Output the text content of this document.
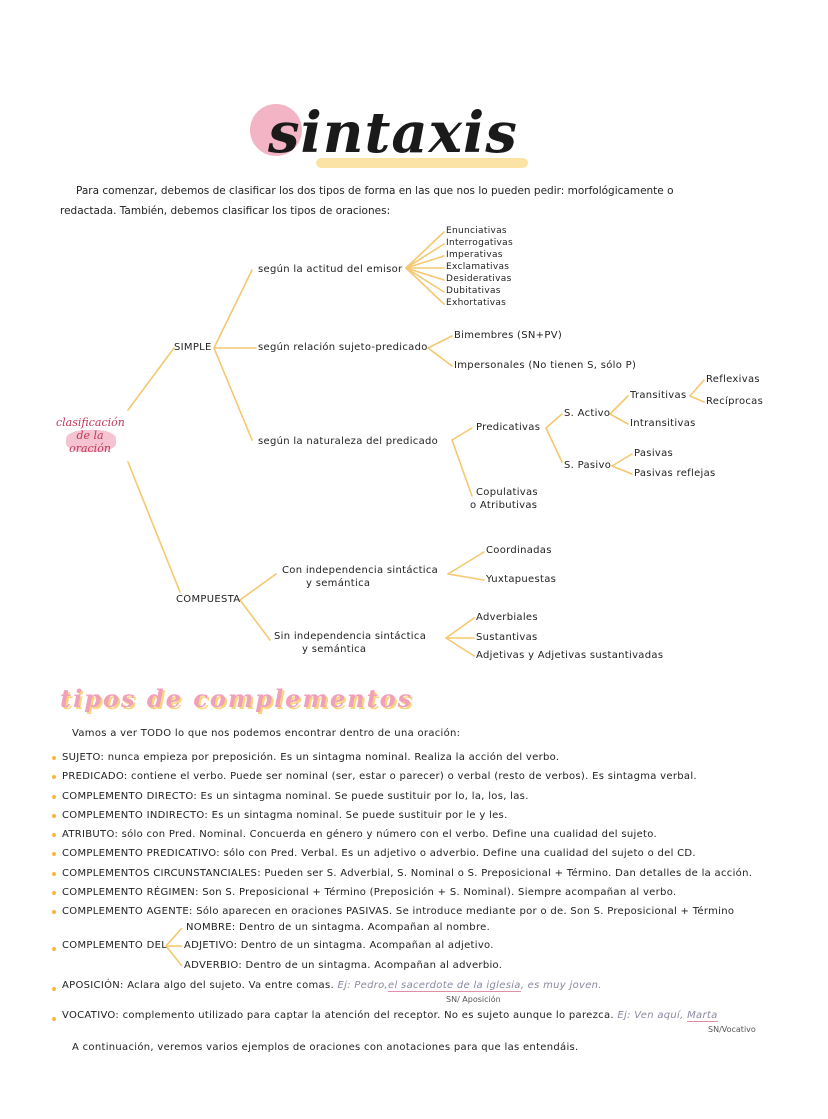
sintaxis
Para comenzar, debemos de clasificar los dos tipos de forma en las que nos lo pueden pedir: morfológicamente o
redactada. También, debemos clasificar los tipos de oraciones:
clasificación
de la
oración
SIMPLE
COMPUESTA
según la actitud del emisor
Enunciativas
Interrogativas
Imperativas
Exclamativas
Desiderativas
Dubitativas
Exhortativas
según relación sujeto-predicado
Bimembres (SN+PV)
Impersonales (No tienen S, sólo P)
según la naturaleza del predicado
Predicativas
S. Activo
Transitivas
Reflexivas
Recíprocas
Intransitivas
S. Pasivo
Pasivas
Pasivas reflejas
Copulativas
o Atributivas
Con independencia sintáctica
y semántica
Coordinadas
Yuxtapuestas
Sin independencia sintáctica
y semántica
Adverbiales
Sustantivas
Adjetivas y Adjetivas sustantivadas
tipos de complementos
Vamos a ver TODO lo que nos podemos encontrar dentro de una oración:
SUJETO: nunca empieza por preposición. Es un sintagma nominal. Realiza la acción del verbo.
PREDICADO: contiene el verbo. Puede ser nominal (ser, estar o parecer) o verbal (resto de verbos). Es sintagma verbal.
COMPLEMENTO DIRECTO: Es un sintagma nominal. Se puede sustituir por lo, la, los, las.
COMPLEMENTO INDIRECTO: Es un sintagma nominal. Se puede sustituir por le y les.
ATRIBUTO: sólo con Pred. Nominal. Concuerda en género y número con el verbo. Define una cualidad del sujeto.
COMPLEMENTO PREDICATIVO: sólo con Pred. Verbal. Es un adjetivo o adverbio. Define una cualidad del sujeto o del CD.
COMPLEMENTOS CIRCUNSTANCIALES: Pueden ser S. Adverbial, S. Nominal o S. Preposicional + Término. Dan detalles de la acción.
COMPLEMENTO RÉGIMEN: Son S. Preposicional + Término (Preposición + S. Nominal). Siempre acompañan al verbo.
COMPLEMENTO AGENTE: Sólo aparecen en oraciones PASIVAS. Se introduce mediante por o de. Son S. Preposicional + Término
COMPLEMENTO DEL
NOMBRE: Dentro de un sintagma. Acompañan al nombre.
ADJETIVO: Dentro de un sintagma. Acompañan al adjetivo.
ADVERBIO: Dentro de un sintagma. Acompañan al adverbio.
APOSICIÓN: Aclara algo del sujeto. Va entre comas. Ej: Pedro,el sacerdote de la iglesia, es muy joven.
SN/ Aposición
VOCATIVO: complemento utilizado para captar la atención del receptor. No es sujeto aunque lo parezca. Ej: Ven aquí, Marta
SN/Vocativo
A continuación, veremos varios ejemplos de oraciones con anotaciones para que las entendáis.
